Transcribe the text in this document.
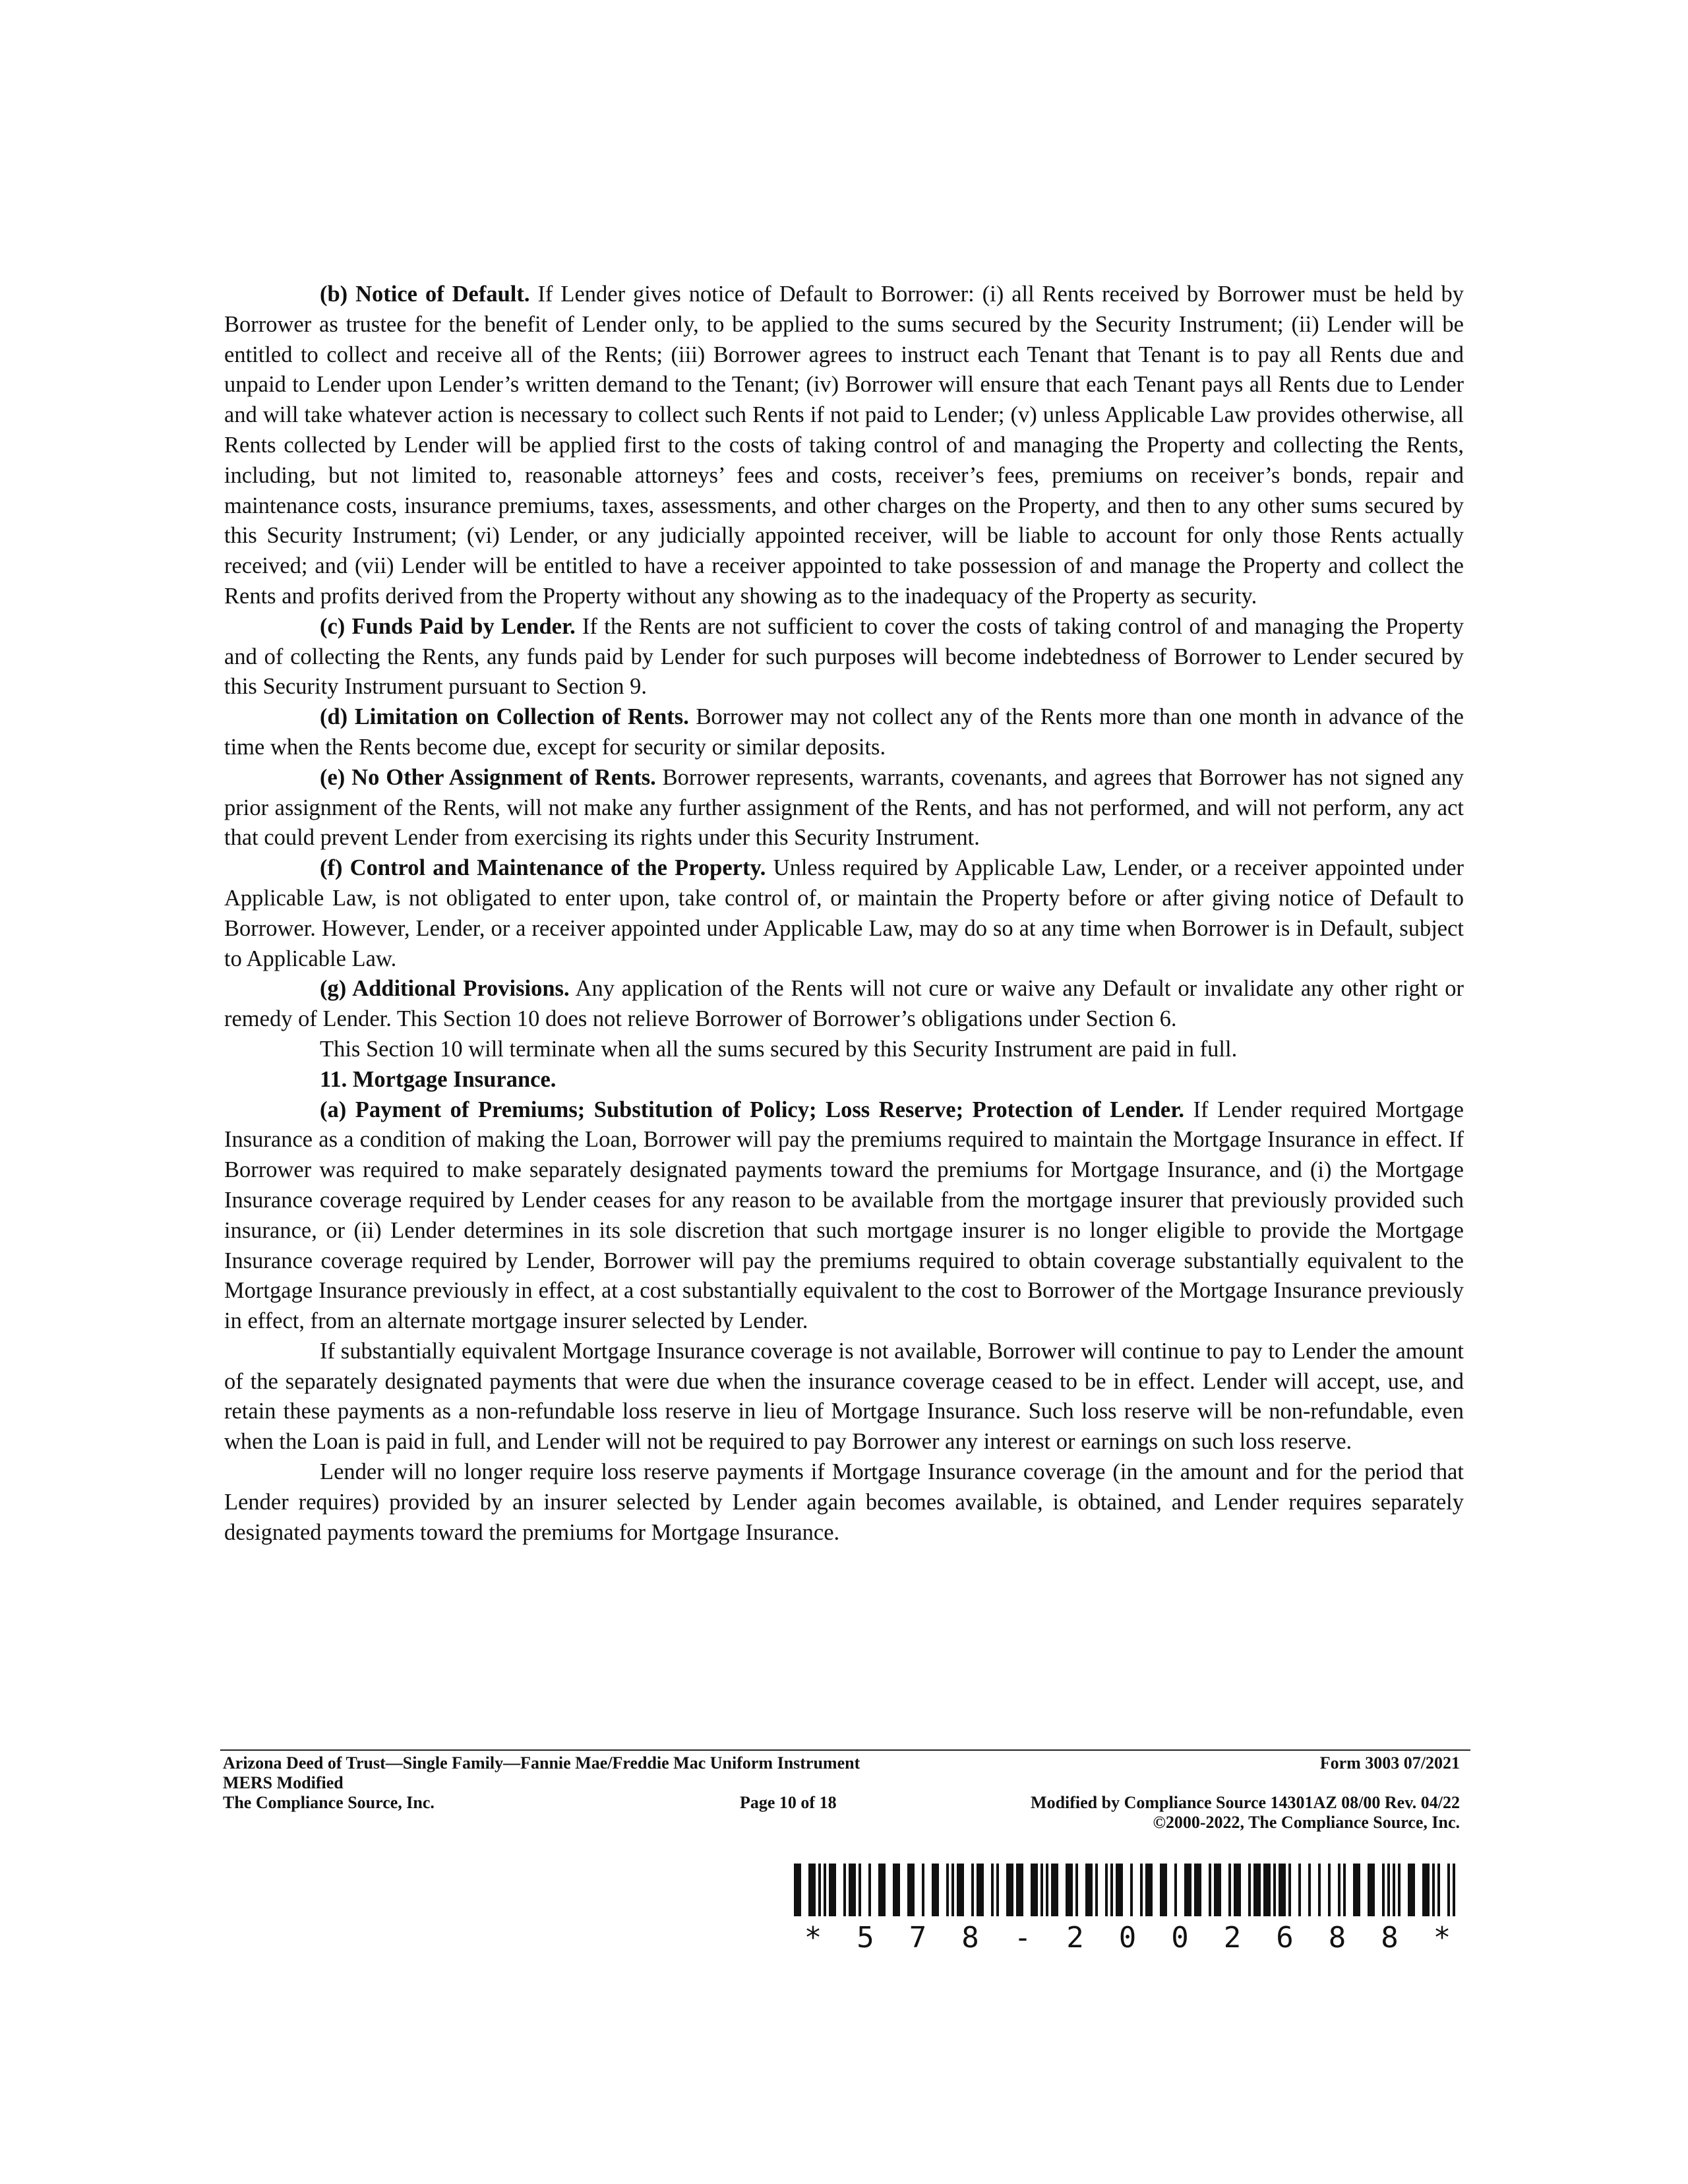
(b) Notice of Default. If Lender gives notice of Default to Borrower: (i) all Rents received by Borrower must be held by Borrower as trustee for the benefit of Lender only, to be applied to the sums secured by the Security Instrument; (ii) Lender will be entitled to collect and receive all of the Rents; (iii) Borrower agrees to instruct each Tenant that Tenant is to pay all Rents due and unpaid to Lender upon Lender’s written demand to the Tenant; (iv) Borrower will ensure that each Tenant pays all Rents due to Lender and will take whatever action is necessary to collect such Rents if not paid to Lender; (v) unless Applicable Law provides otherwise, all Rents collected by Lender will be applied first to the costs of taking control of and managing the Property and collecting the Rents, including, but not limited to, reasonable attorneys’ fees and costs, receiver’s fees, premiums on receiver’s bonds, repair and maintenance costs, insurance premiums, taxes, assessments, and other charges on the Property, and then to any other sums secured by this Security Instrument; (vi) Lender, or any judicially appointed receiver, will be liable to account for only those Rents actually received; and (vii) Lender will be entitled to have a receiver appointed to take possession of and manage the Property and collect the Rents and profits derived from the Property without any showing as to the inadequacy of the Property as security.

(c) Funds Paid by Lender. If the Rents are not sufficient to cover the costs of taking control of and managing the Property and of collecting the Rents, any funds paid by Lender for such purposes will become indebtedness of Borrower to Lender secured by this Security Instrument pursuant to Section 9.

(d) Limitation on Collection of Rents. Borrower may not collect any of the Rents more than one month in advance of the time when the Rents become due, except for security or similar deposits.

(e) No Other Assignment of Rents. Borrower represents, warrants, covenants, and agrees that Borrower has not signed any prior assignment of the Rents, will not make any further assignment of the Rents, and has not performed, and will not perform, any act that could prevent Lender from exercising its rights under this Security Instrument.

(f) Control and Maintenance of the Property. Unless required by Applicable Law, Lender, or a receiver appointed under Applicable Law, is not obligated to enter upon, take control of, or maintain the Property before or after giving notice of Default to Borrower. However, Lender, or a receiver appointed under Applicable Law, may do so at any time when Borrower is in Default, subject to Applicable Law.

(g) Additional Provisions. Any application of the Rents will not cure or waive any Default or invalidate any other right or remedy of Lender. This Section 10 does not relieve Borrower of Borrower’s obligations under Section 6.

This Section 10 will terminate when all the sums secured by this Security Instrument are paid in full.

11. Mortgage Insurance.

(a) Payment of Premiums; Substitution of Policy; Loss Reserve; Protection of Lender. If Lender required Mortgage Insurance as a condition of making the Loan, Borrower will pay the premiums required to maintain the Mortgage Insurance in effect. If Borrower was required to make separately designated payments toward the premiums for Mortgage Insurance, and (i) the Mortgage Insurance coverage required by Lender ceases for any reason to be available from the mortgage insurer that previously provided such insurance, or (ii) Lender determines in its sole discretion that such mortgage insurer is no longer eligible to provide the Mortgage Insurance coverage required by Lender, Borrower will pay the premiums required to obtain coverage substantially equivalent to the Mortgage Insurance previously in effect, at a cost substantially equivalent to the cost to Borrower of the Mortgage Insurance previously in effect, from an alternate mortgage insurer selected by Lender.

If substantially equivalent Mortgage Insurance coverage is not available, Borrower will continue to pay to Lender the amount of the separately designated payments that were due when the insurance coverage ceased to be in effect. Lender will accept, use, and retain these payments as a non-refundable loss reserve in lieu of Mortgage Insurance. Such loss reserve will be non-refundable, even when the Loan is paid in full, and Lender will not be required to pay Borrower any interest or earnings on such loss reserve.

Lender will no longer require loss reserve payments if Mortgage Insurance coverage (in the amount and for the period that Lender requires) provided by an insurer selected by Lender again becomes available, is obtained, and Lender requires separately designated payments toward the premiums for Mortgage Insurance.

Arizona Deed of Trust—Single Family—Fannie Mae/Freddie Mac Uniform Instrument	Form 3003 07/2021
MERS Modified
The Compliance Source, Inc.	Page 10 of 18	Modified by Compliance Source 14301AZ 08/00 Rev. 04/22
©2000-2022, The Compliance Source, Inc.
*	5	7	8	-	2	0	0	2	6	8	8	*
